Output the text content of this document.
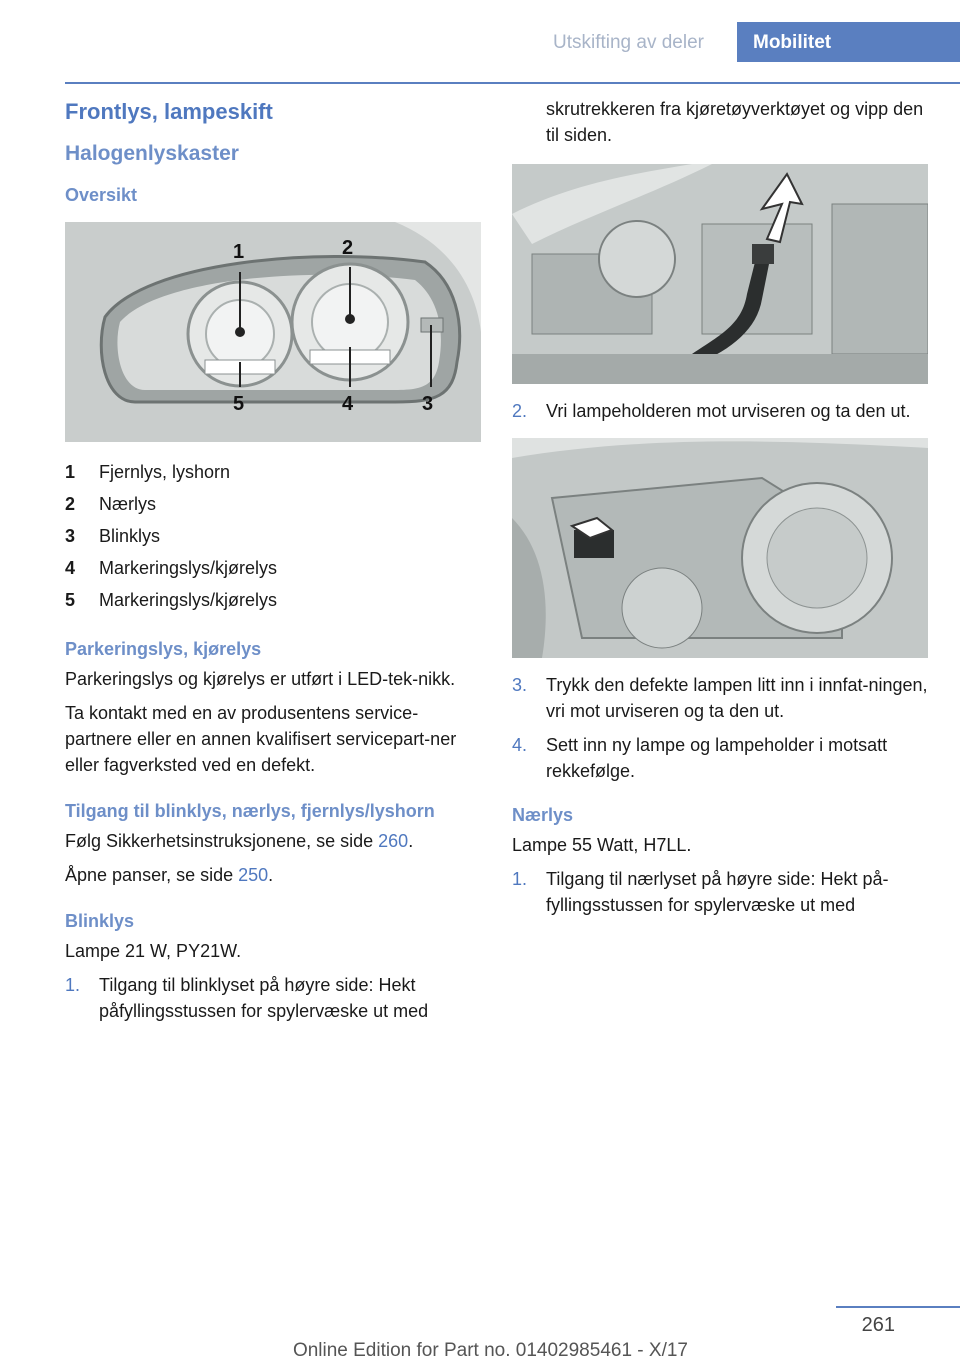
Utskifting av deler	Mobilitet
Frontlys, lampeskift
Halogenlyskaster
Oversikt
1	2
3
4
5
1	Fjernlys, lyshorn
2	Nærlys
3	Blinklys
4	Markeringslys/kjørelys
5	Markeringslys/kjørelys
Parkeringslys, kjørelys

Parkeringslys og kjørelys er utført i LED-tek‐nikk.

Ta kontakt med en av produsentens service‐partnere eller en annen kvalifisert servicepart‐ner eller fagverksted ved en defekt.

Tilgang til blinklys, nærlys, fjernlys/lyshorn

Følg Sikkerhetsinstruksjonene, se side 260.

Åpne panser, se side 250.

Blinklys

Lampe 21 W, PY21W.

1.	Tilgang til blinklyset på høyre side: Hekt påfyllingsstussen for spylervæske ut med

skrutrekkeren fra kjøretøyverktøyet og vipp den til siden.

2.	Vri lampeholderen mot urviseren og ta den ut.
3.	Trykk den defekte lampen litt inn i innfat‐ningen, vri mot urviseren og ta den ut.
4.	Sett inn ny lampe og lampeholder i motsatt rekkefølge.
Nærlys

Lampe 55 Watt, H7LL.

1.	Tilgang til nærlyset på høyre side: Hekt på‐fyllingsstussen for spylervæske ut med
261
Online Edition for Part no. 01402985461 - X/17
